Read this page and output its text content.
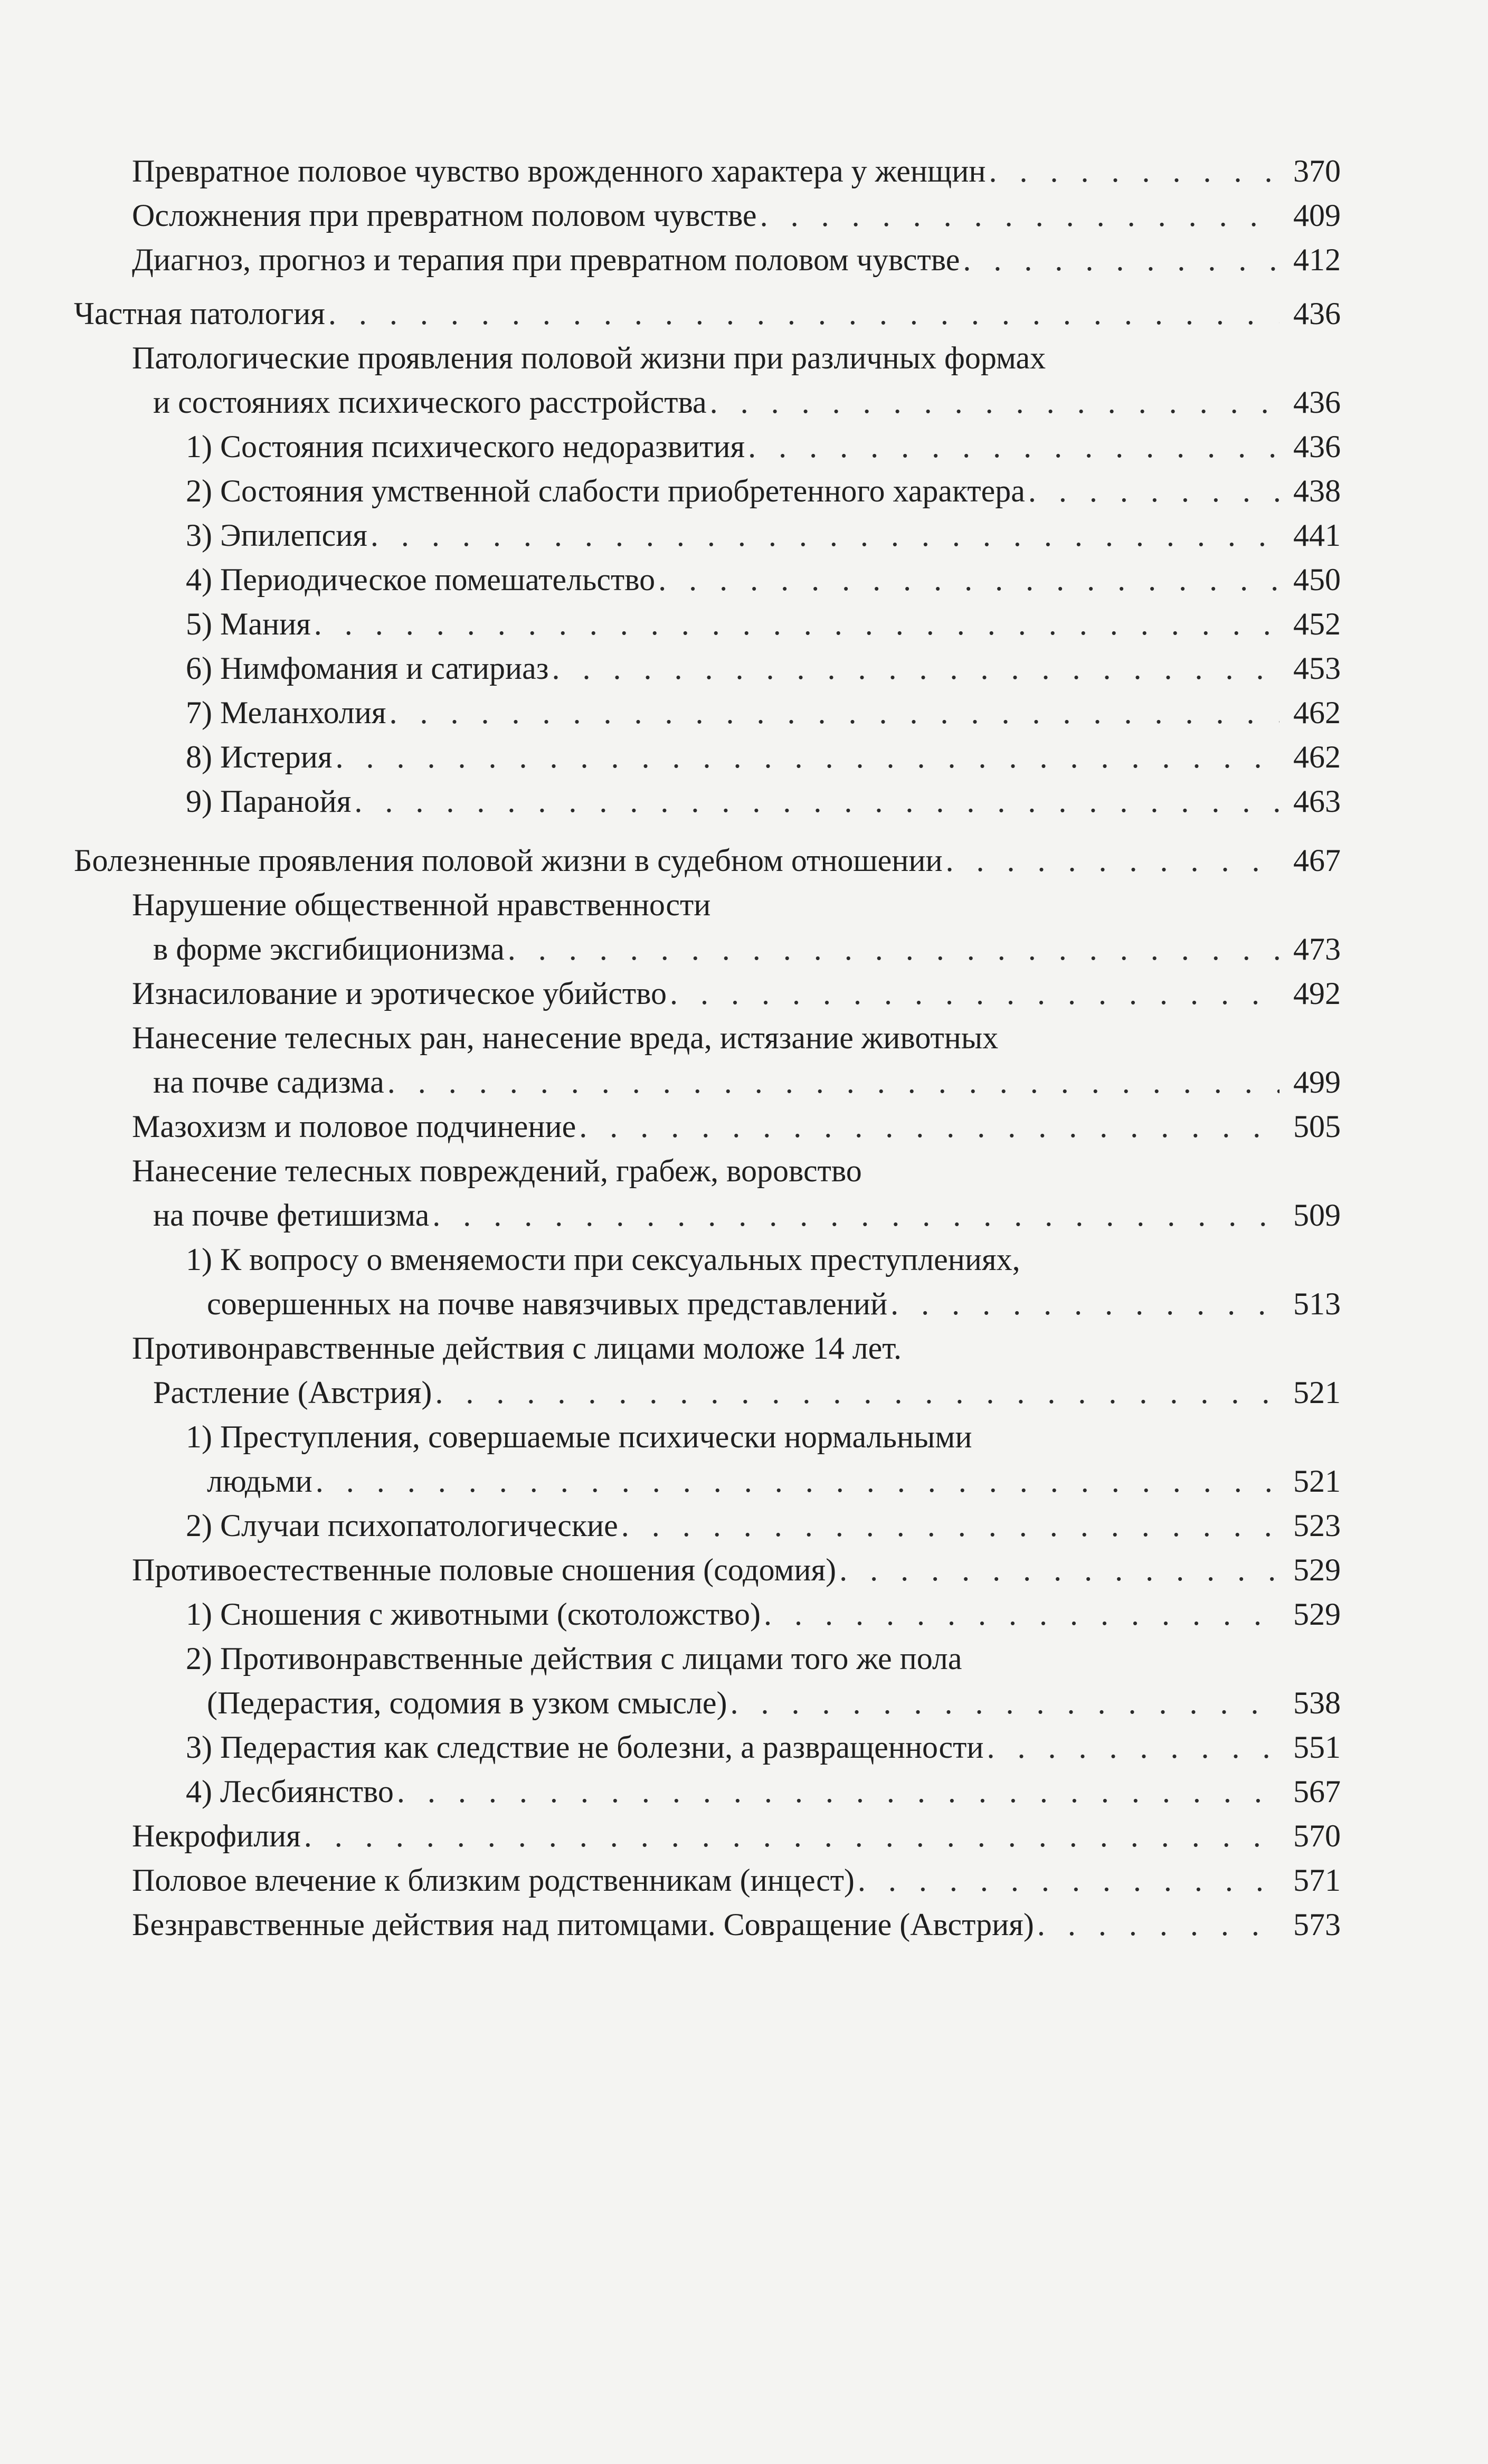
Превратное половое чувство врожденного характера у женщин . . .	370
Осложнения при превратном половом чувстве . . .	409
Диагноз, прогноз и терапия при превратном половом чувстве . . .	412
Частная патология . . .	436
Патологические проявления половой жизни при различных формах
и состояниях психического расстройства . . .	436
1) Состояния психического недоразвития . . .	436
2) Состояния умственной слабости приобретенного характера . . .	438
3) Эпилепсия . . .	441
4) Периодическое помешательство . . .	450
5) Мания . . .	452
6) Нимфомания и сатириаз . . .	453
7) Меланхолия . . .	462
8) Истерия . . .	462
9) Паранойя . . .	463
Болезненные проявления половой жизни в судебном отношении . . .	467
Нарушение общественной нравственности
в форме эксгибиционизма . . .	473
Изнасилование и эротическое убийство . . .	492
Нанесение телесных ран, нанесение вреда, истязание животных
на почве садизма . . .	499
Мазохизм и половое подчинение . . .	505
Нанесение телесных повреждений, грабеж, воровство
на почве фетишизма . . .	509
1) К вопросу о вменяемости при сексуальных преступлениях,
совершенных на почве навязчивых представлений . . .	513
Противонравственные действия с лицами моложе 14 лет.
Растление (Австрия) . . .	521
1) Преступления, совершаемые психически нормальными
людьми . . .	521
2) Случаи психопатологические . . .	523
Противоестественные половые сношения (содомия) . . .	529
1) Сношения с животными (скотоложство) . . .	529
2) Противонравственные действия с лицами того же пола
(Педерастия, содомия в узком смысле) . . .	538
3) Педерастия как следствие не болезни, а развращенности . . .	551
4) Лесбиянство . . .	567
Некрофилия . . .	570
Половое влечение к близким родственникам (инцест) . . .	571
Безнравственные действия над питомцами. Совращение (Австрия) . . .	573
